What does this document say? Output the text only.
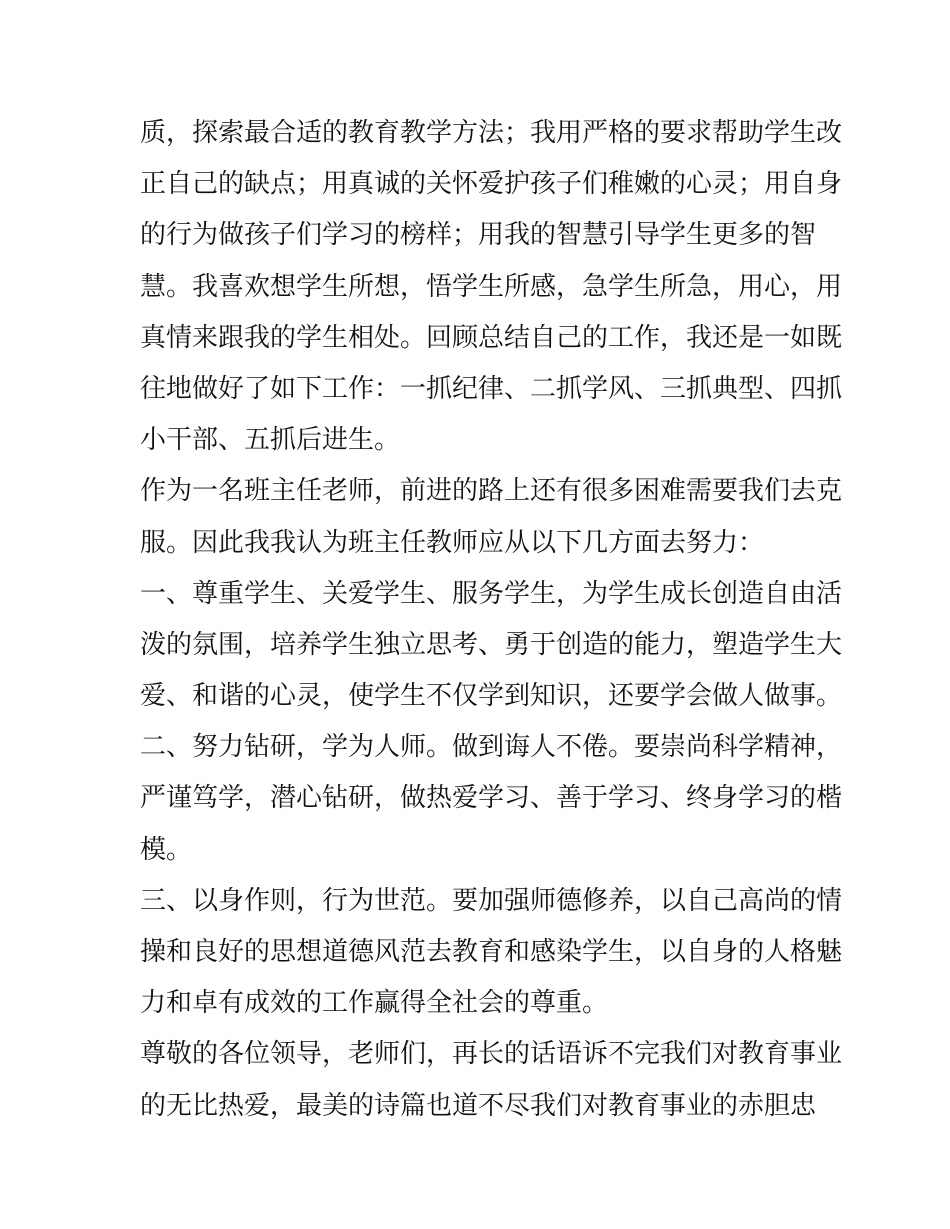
质，探索最合适的教育教学方法；我用严格的要求帮助学生改
正自己的缺点；用真诚的关怀爱护孩子们稚嫩的心灵；用自身
的行为做孩子们学习的榜样；用我的智慧引导学生更多的智
慧。我喜欢想学生所想，悟学生所感，急学生所急，用心，用
真情来跟我的学生相处。回顾总结自己的工作，我还是一如既
往地做好了如下工作：一抓纪律、二抓学风、三抓典型、四抓
小干部、五抓后进生。
作为一名班主任老师，前进的路上还有很多困难需要我们去克
服。因此我我认为班主任教师应从以下几方面去努力：
一、尊重学生、关爱学生、服务学生，为学生成长创造自由活
泼的氛围，培养学生独立思考、勇于创造的能力，塑造学生大
爱、和谐的心灵，使学生不仅学到知识，还要学会做人做事。
二、努力钻研，学为人师。做到诲人不倦。要崇尚科学精神，
严谨笃学，潜心钻研，做热爱学习、善于学习、终身学习的楷
模。
三、以身作则，行为世范。要加强师德修养，以自己高尚的情
操和良好的思想道德风范去教育和感染学生，以自身的人格魅
力和卓有成效的工作赢得全社会的尊重。
尊敬的各位领导，老师们，再长的话语诉不完我们对教育事业
的无比热爱，最美的诗篇也道不尽我们对教育事业的赤胆忠
